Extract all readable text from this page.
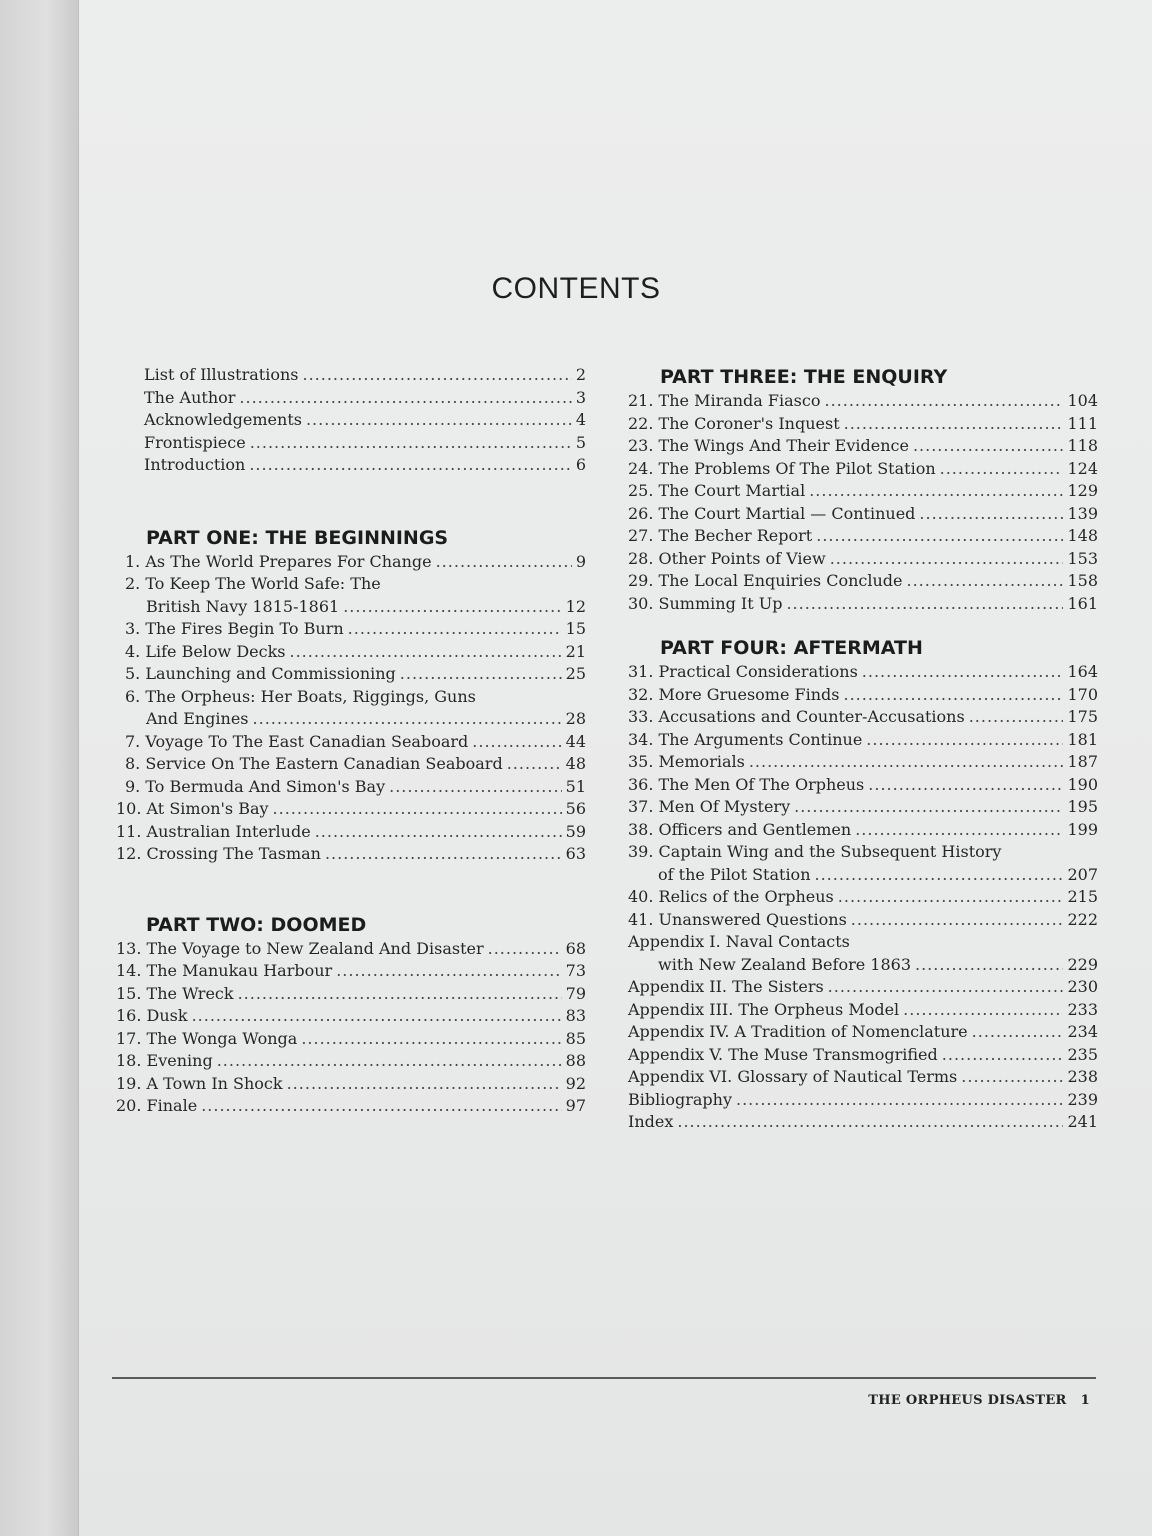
CONTENTS
List of Illustrations .....	2
The Author .....	3
Acknowledgements .....	4
Frontispiece .....	5
Introduction .....	6
PART ONE: THE BEGINNINGS
1. As The World Prepares For Change .....	9
2. To Keep The World Safe: The
British Navy 1815-1861 .....	12
3. The Fires Begin To Burn .....	15
4. Life Below Decks .....	21
5. Launching and Commissioning .....	25
6. The Orpheus: Her Boats, Riggings, Guns
And Engines .....	28
7. Voyage To The East Canadian Seaboard .....	44
8. Service On The Eastern Canadian Seaboard .....	48
9. To Bermuda And Simon's Bay .....	51
10. At Simon's Bay .....	56
11. Australian Interlude .....	59
12. Crossing The Tasman .....	63
PART TWO: DOOMED
13. The Voyage to New Zealand And Disaster .....	68
14. The Manukau Harbour .....	73
15. The Wreck .....	79
16. Dusk .....	83
17. The Wonga Wonga .....	85
18. Evening .....	88
19. A Town In Shock .....	92
20. Finale .....	97
PART THREE: THE ENQUIRY
21. The Miranda Fiasco .....	104
22. The Coroner's Inquest .....	111
23. The Wings And Their Evidence .....	118
24. The Problems Of The Pilot Station .....	124
25. The Court Martial .....	129
26. The Court Martial — Continued .....	139
27. The Becher Report .....	148
28. Other Points of View .....	153
29. The Local Enquiries Conclude .....	158
30. Summing It Up .....	161
PART FOUR: AFTERMATH
31. Practical Considerations .....	164
32. More Gruesome Finds .....	170
33. Accusations and Counter-Accusations .....	175
34. The Arguments Continue .....	181
35. Memorials .....	187
36. The Men Of The Orpheus .....	190
37. Men Of Mystery .....	195
38. Officers and Gentlemen .....	199
39. Captain Wing and the Subsequent History
of the Pilot Station .....	207
40. Relics of the Orpheus .....	215
41. Unanswered Questions .....	222
Appendix I. Naval Contacts
with New Zealand Before 1863 .....	229
Appendix II. The Sisters .....	230
Appendix III. The Orpheus Model .....	233
Appendix IV. A Tradition of Nomenclature .....	234
Appendix V. The Muse Transmogrified .....	235
Appendix VI. Glossary of Nautical Terms .....	238
Bibliography .....	239
Index .....	241
THE ORPHEUS DISASTER 1
